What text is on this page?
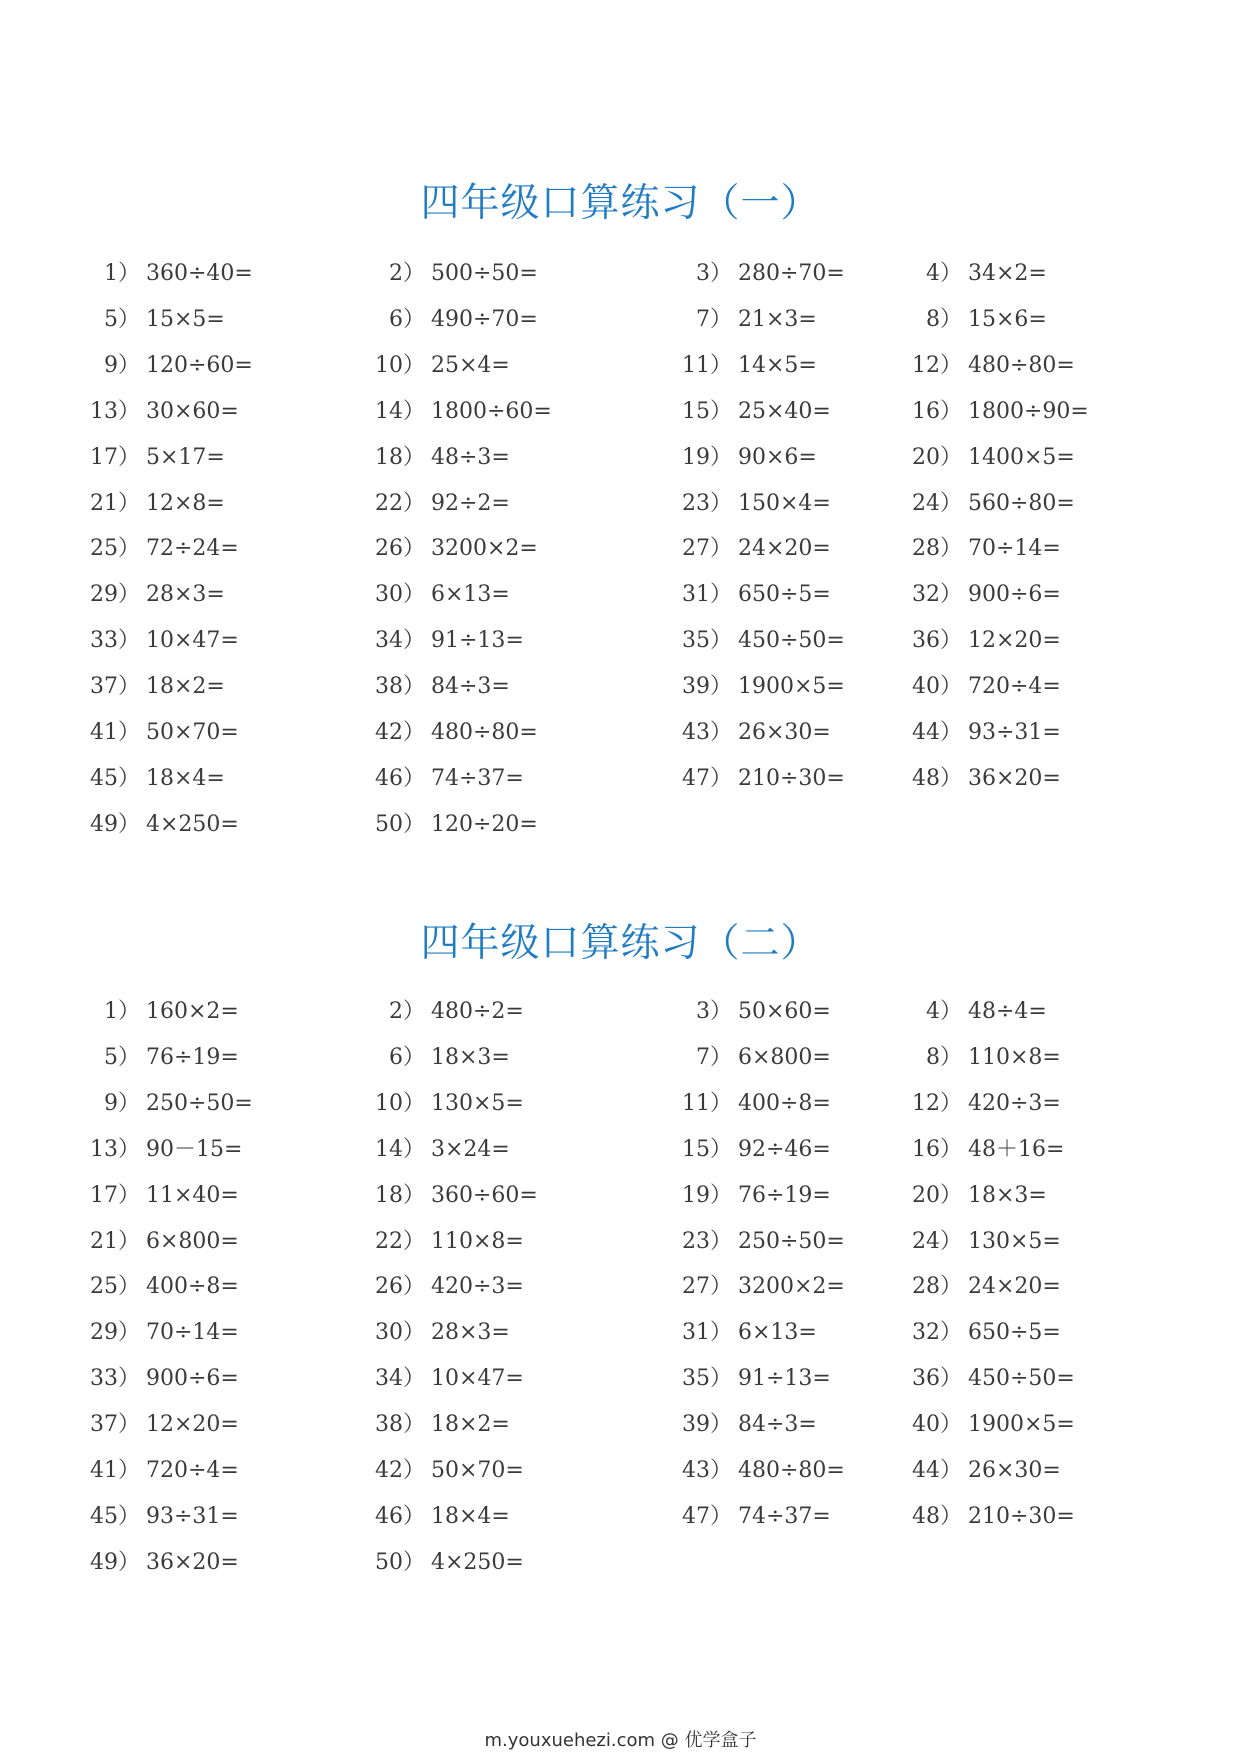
四年级口算练习（一）
1） 360÷40=	2） 500÷50=	3） 280÷70=	4） 34×2=
5） 15×5=	6） 490÷70=	7） 21×3=	8） 15×6=
9） 120÷60=	10） 25×4=	11） 14×5=	12） 480÷80=
13） 30×60=	14） 1800÷60=	15） 25×40=	16） 1800÷90=
17） 5×17=	18） 48÷3=	19） 90×6=	20） 1400×5=
21） 12×8=	22） 92÷2=	23） 150×4=	24） 560÷80=
25） 72÷24=	26） 3200×2=	27） 24×20=	28） 70÷14=
29） 28×3=	30） 6×13=	31） 650÷5=	32） 900÷6=
33） 10×47=	34） 91÷13=	35） 450÷50=	36） 12×20=
37） 18×2=	38） 84÷3=	39） 1900×5=	40） 720÷4=
41） 50×70=	42） 480÷80=	43） 26×30=	44） 93÷31=
45） 18×4=	46） 74÷37=	47） 210÷30=	48） 36×20=
49） 4×250=	50） 120÷20=
四年级口算练习（二）
1） 160×2=	2） 480÷2=	3） 50×60=	4） 48÷4=
5） 76÷19=	6） 18×3=	7） 6×800=	8） 110×8=
9） 250÷50=	10） 130×5=	11） 400÷8=	12） 420÷3=
13） 90－15=	14） 3×24=	15） 92÷46=	16） 48＋16=
17） 11×40=	18） 360÷60=	19） 76÷19=	20） 18×3=
21） 6×800=	22） 110×8=	23） 250÷50=	24） 130×5=
25） 400÷8=	26） 420÷3=	27） 3200×2=	28） 24×20=
29） 70÷14=	30） 28×3=	31） 6×13=	32） 650÷5=
33） 900÷6=	34） 10×47=	35） 91÷13=	36） 450÷50=
37） 12×20=	38） 18×2=	39） 84÷3=	40） 1900×5=
41） 720÷4=	42） 50×70=	43） 480÷80=	44） 26×30=
45） 93÷31=	46） 18×4=	47） 74÷37=	48） 210÷30=
49） 36×20=	50） 4×250=
m.youxuehezi.com @ 优学盒子
